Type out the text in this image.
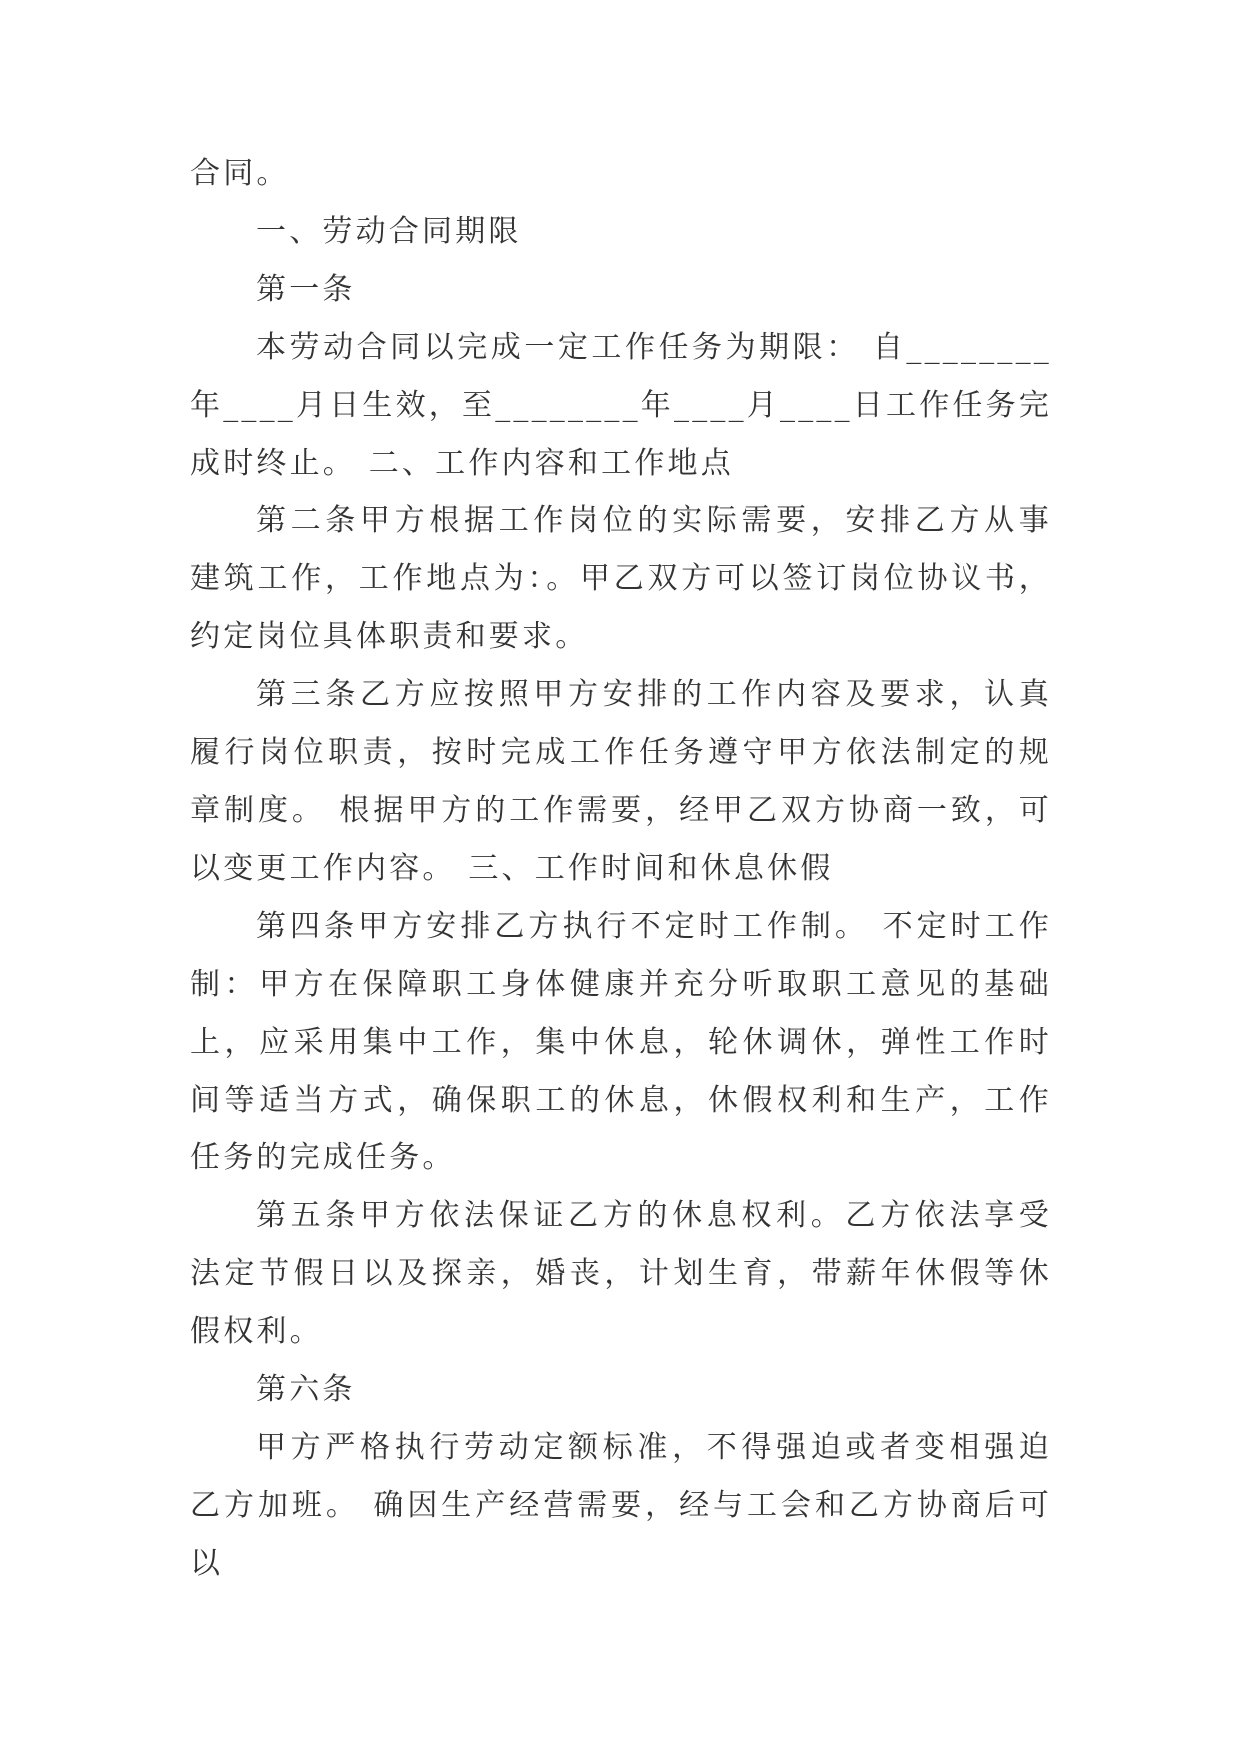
合同。

一、劳动合同期限

第一条

本劳动合同以完成一定工作任务为期限： 自________年____月日生效，至________年____月____日工作任务完成时终止。 二、工作内容和工作地点

第二条甲方根据工作岗位的实际需要，安排乙方从事建筑工作，工作地点为：。甲乙双方可以签订岗位协议书，约定岗位具体职责和要求。

第三条乙方应按照甲方安排的工作内容及要求，认真履行岗位职责，按时完成工作任务遵守甲方依法制定的规章制度。 根据甲方的工作需要，经甲乙双方协商一致，可以变更工作内容。 三、工作时间和休息休假

第四条甲方安排乙方执行不定时工作制。 不定时工作制：甲方在保障职工身体健康并充分听取职工意见的基础上，应采用集中工作，集中休息，轮休调休，弹性工作时间等适当方式，确保职工的休息，休假权利和生产，工作任务的完成任务。

第五条甲方依法保证乙方的休息权利。乙方依法享受法定节假日以及探亲，婚丧，计划生育，带薪年休假等休假权利。

第六条

甲方严格执行劳动定额标准，不得强迫或者变相强迫乙方加班。 确因生产经营需要，经与工会和乙方协商后可以
